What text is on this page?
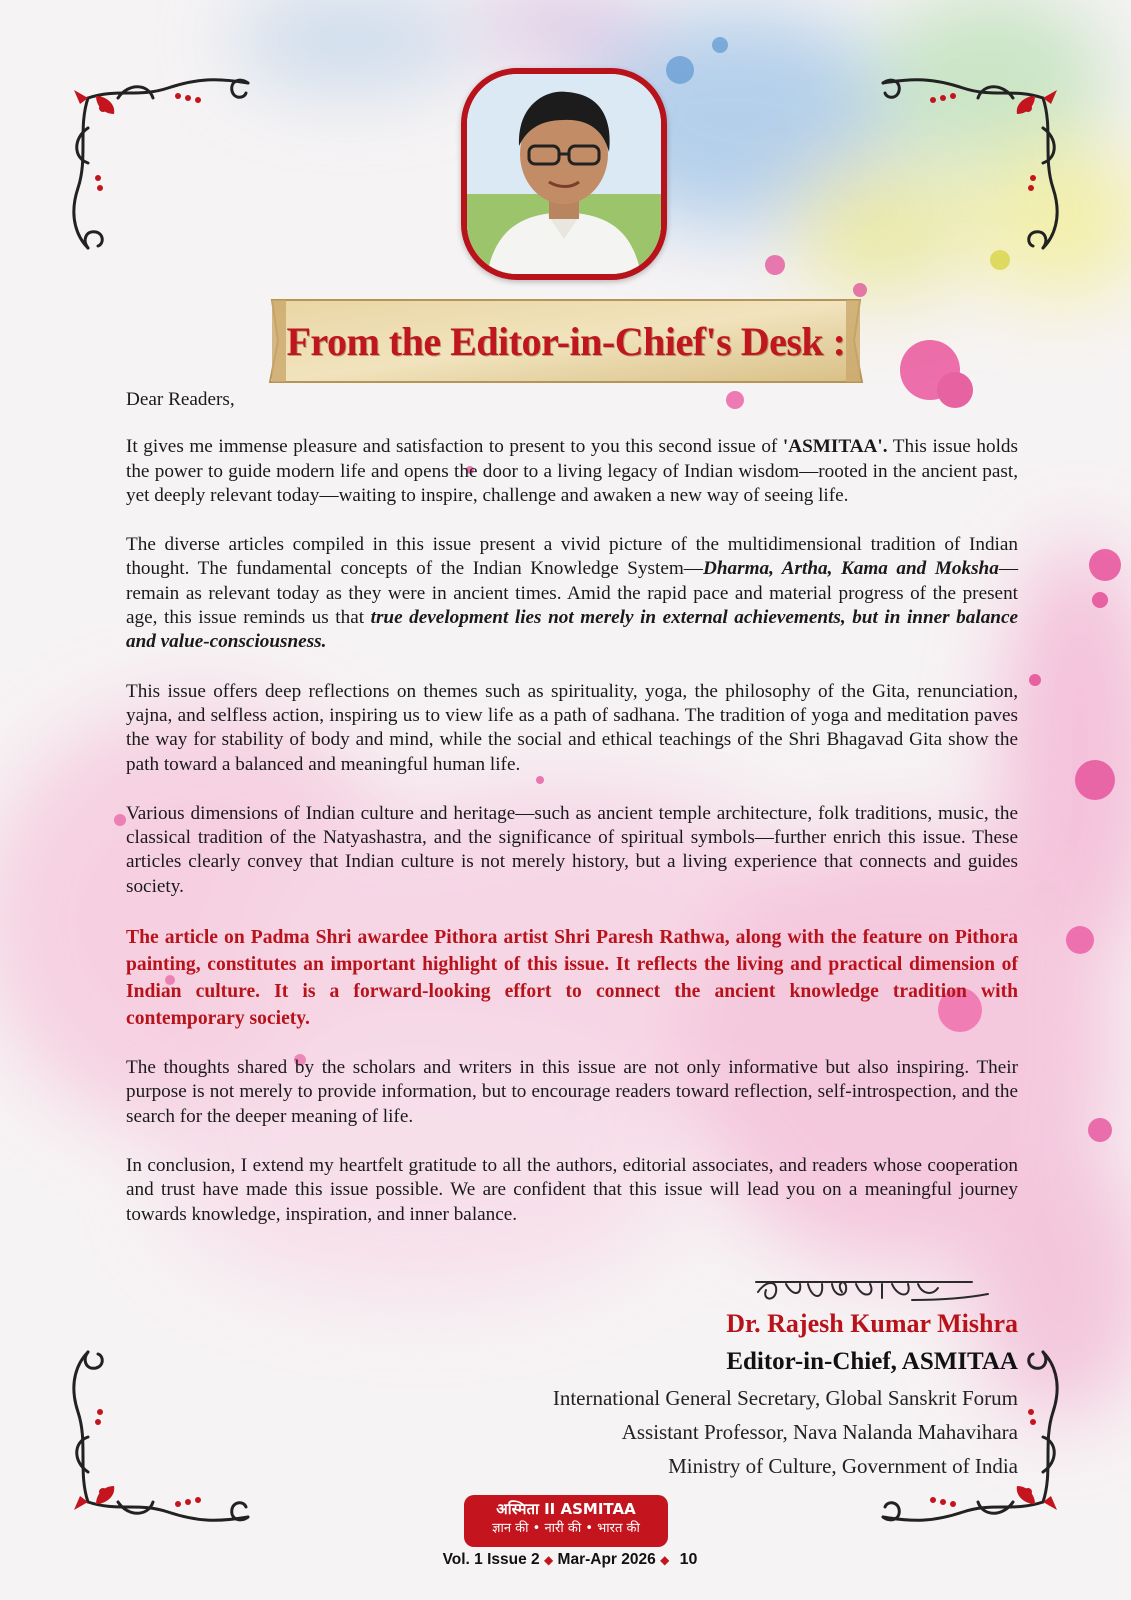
From the Editor-in-Chief's Desk :

Dear Readers,

It gives me immense pleasure and satisfaction to present to you this second issue of 'ASMITAA'. This issue holds the power to guide modern life and opens the door to a living legacy of Indian wisdom—rooted in the ancient past, yet deeply relevant today—waiting to inspire, challenge and awaken a new way of seeing life.

The diverse articles compiled in this issue present a vivid picture of the multidimensional tradition of Indian thought. The fundamental concepts of the Indian Knowledge System—Dharma, Artha, Kama and Moksha—remain as relevant today as they were in ancient times. Amid the rapid pace and material progress of the present age, this issue reminds us that true development lies not merely in external achievements, but in inner balance and value-consciousness.

This issue offers deep reflections on themes such as spirituality, yoga, the philosophy of the Gita, renunciation, yajna, and selfless action, inspiring us to view life as a path of sadhana. The tradition of yoga and meditation paves the way for stability of body and mind, while the social and ethical teachings of the Shri Bhagavad Gita show the path toward a balanced and meaningful human life.

Various dimensions of Indian culture and heritage—such as ancient temple architecture, folk traditions, music, the classical tradition of the Natyashastra, and the significance of spiritual symbols—further enrich this issue. These articles clearly convey that Indian culture is not merely history, but a living experience that connects and guides society.

The article on Padma Shri awardee Pithora artist Shri Paresh Rathwa, along with the feature on Pithora painting, constitutes an important highlight of this issue. It reflects the living and practical dimension of Indian culture. It is a forward-looking effort to connect the ancient knowledge tradition with contemporary society.

The thoughts shared by the scholars and writers in this issue are not only informative but also inspiring. Their purpose is not merely to provide information, but to encourage readers toward reflection, self-introspection, and the search for the deeper meaning of life.

In conclusion, I extend my heartfelt gratitude to all the authors, editorial associates, and readers whose cooperation and trust have made this issue possible. We are confident that this issue will lead you on a meaningful journey towards knowledge, inspiration, and inner balance.

Dr. Rajesh Kumar Mishra
Editor-in-Chief, ASMITAA
International General Secretary, Global Sanskrit Forum
Assistant Professor, Nava Nalanda Mahavihara
Ministry of Culture, Government of India
अस्मिता II ASMITAA
ज्ञान की • नारी की • भारत की
Vol. 1 Issue 2 ◆ Mar-Apr 2026 ◆ 10
